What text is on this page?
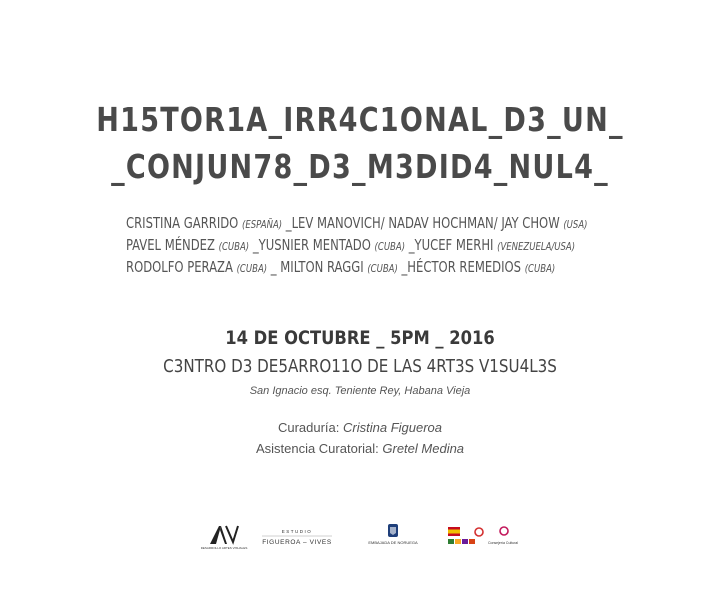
H15TOR1A_IRR4C1ONAL_D3_UN_
_CONJUN78_D3_M3DID4_NUL4_
CRISTINA GARRIDO (ESPAÑA) _LEV MANOVICH/ NADAV HOCHMAN/ JAY CHOW (USA)
PAVEL MÉNDEZ (CUBA) _YUSNIER MENTADO (CUBA) _YUCEF MERHI (VENEZUELA/USA)
RODOLFO PERAZA (CUBA) _ MILTON RAGGI (CUBA) _HÉCTOR REMEDIOS (CUBA)
14 DE OCTUBRE _ 5PM _ 2016
C3NTRO D3 DE5ARRO11O DE LAS 4RT3S V1SU4L3S
San Ignacio esq. Teniente Rey, Habana Vieja
Curaduría: Cristina Figueroa
Asistencia Curatorial: Gretel Medina
DESARROLLO ARTES VISUALES
ESTUDIO
FIGUEROA – VIVES	EMBAJADA DE NORUEGA	Consejería Cultural
